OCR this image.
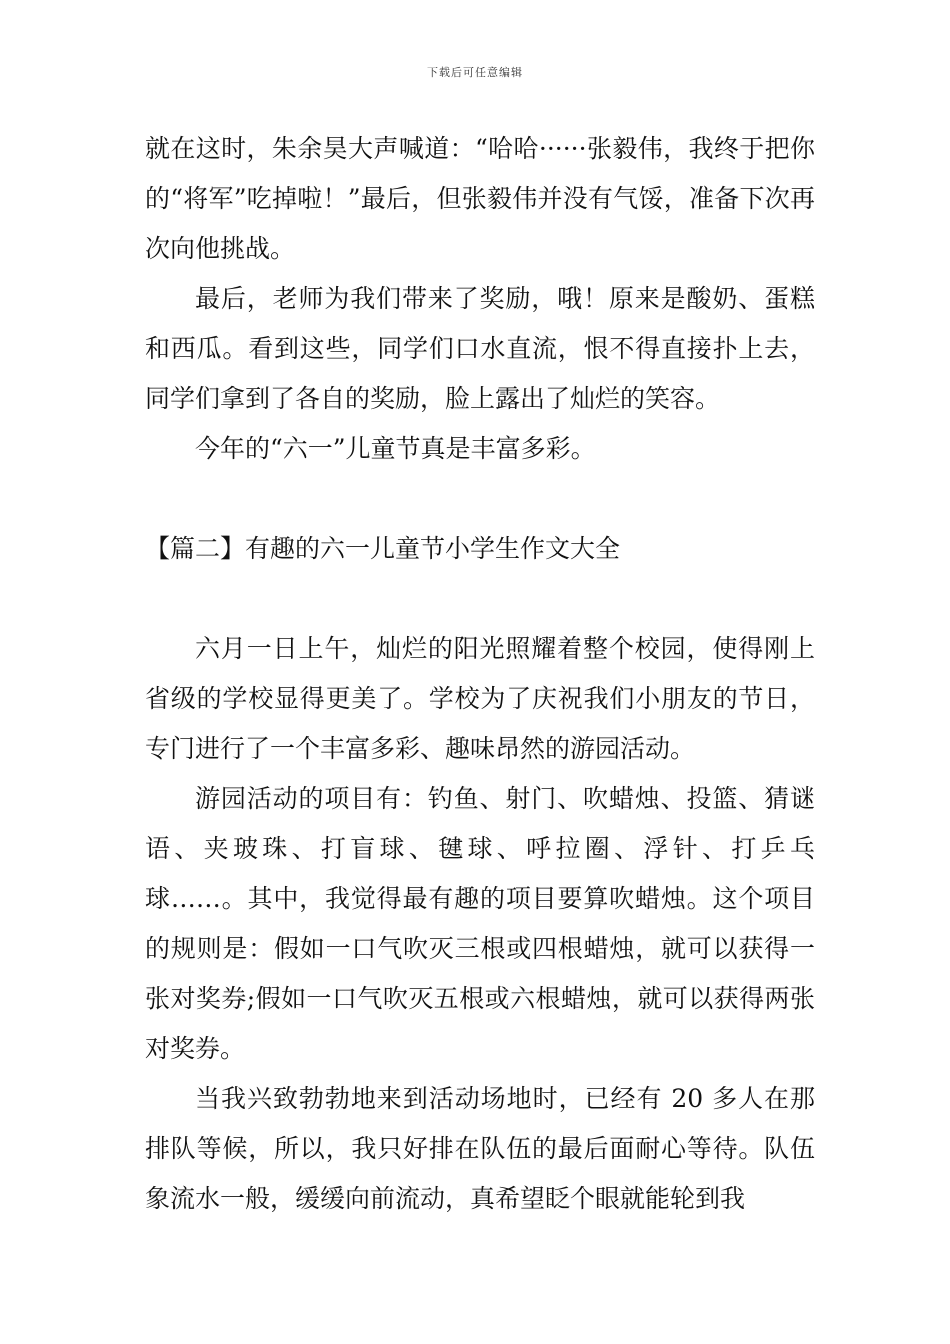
下载后可任意编辑

就在这时，朱余昊大声喊道：“哈哈······张毅伟，我终于把你的“将军”吃掉啦！”最后，但张毅伟并没有气馁，准备下次再次向他挑战。

最后，老师为我们带来了奖励，哦！原来是酸奶、蛋糕和西瓜。看到这些，同学们口水直流，恨不得直接扑上去，同学们拿到了各自的奖励，脸上露出了灿烂的笑容。

今年的“六一”儿童节真是丰富多彩。

【篇二】有趣的六一儿童节小学生作文大全

六月一日上午，灿烂的阳光照耀着整个校园，使得刚上省级的学校显得更美了。学校为了庆祝我们小朋友的节日，专门进行了一个丰富多彩、趣味昂然的游园活动。

游园活动的项目有：钓鱼、射门、吹蜡烛、投篮、猜谜语、夹玻珠、打盲球、毽球、呼拉圈、浮针、打乒乓球……。其中，我觉得最有趣的项目要算吹蜡烛。这个项目的规则是：假如一口气吹灭三根或四根蜡烛，就可以获得一张对奖券;假如一口气吹灭五根或六根蜡烛，就可以获得两张对奖券。

当我兴致勃勃地来到活动场地时，已经有 20 多人在那排队等候，所以，我只好排在队伍的最后面耐心等待。队伍象流水一般，缓缓向前流动，真希望眨个眼就能轮到我
